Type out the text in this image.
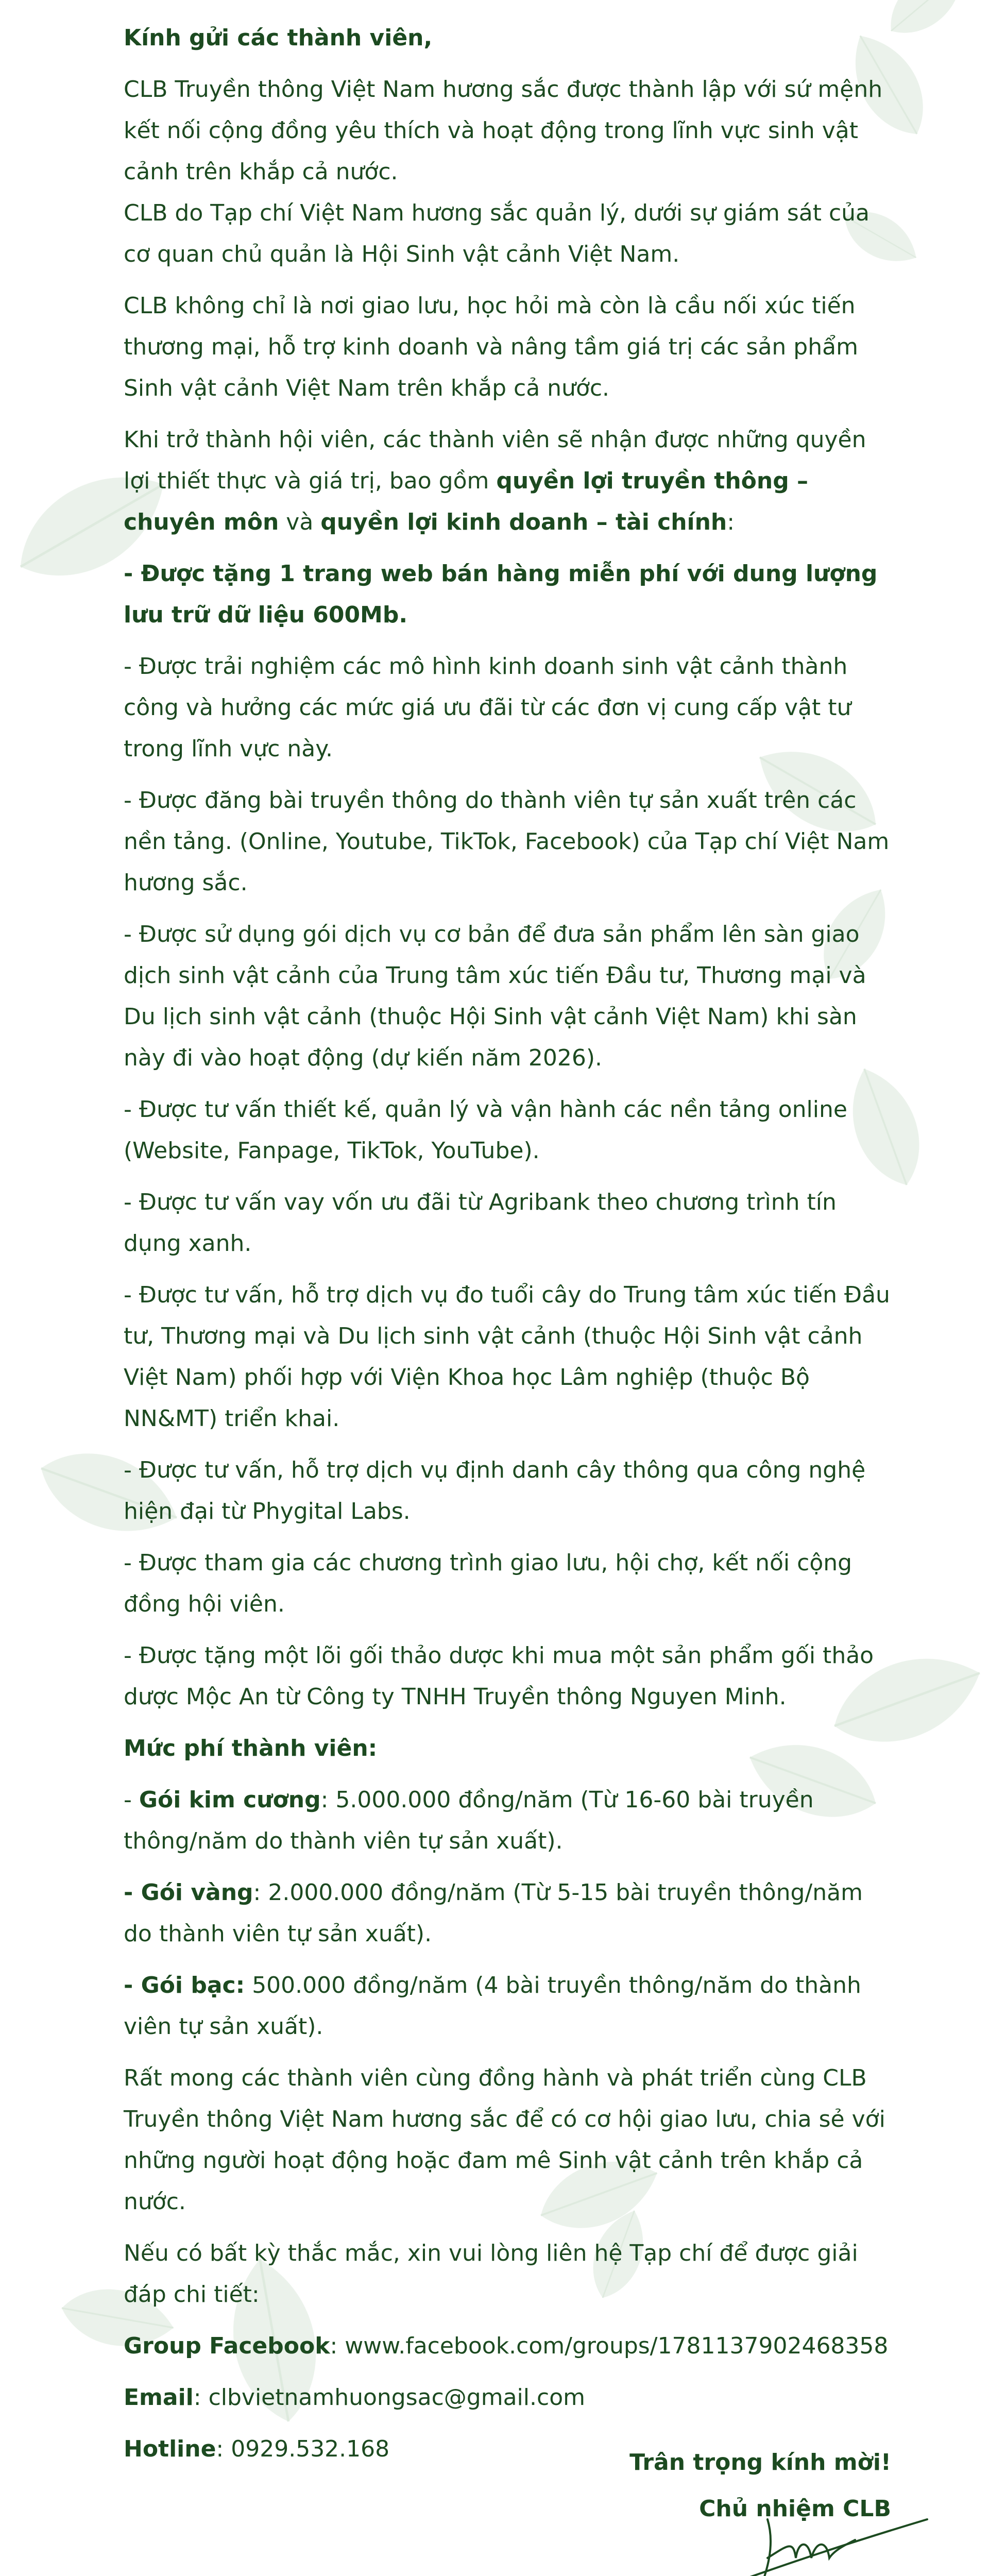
Kính gửi các thành viên,
CLB Truyền thông Việt Nam hương sắc được thành lập với sứ mệnh kết nối cộng đồng yêu thích và hoạt động trong lĩnh vực sinh vật cảnh trên khắp cả nước.
CLB do Tạp chí Việt Nam hương sắc quản lý, dưới sự giám sát của cơ quan chủ quản là Hội Sinh vật cảnh Việt Nam.
CLB không chỉ là nơi giao lưu, học hỏi mà còn là cầu nối xúc tiến thương mại, hỗ trợ kinh doanh và nâng tầm giá trị các sản phẩm Sinh vật cảnh Việt Nam trên khắp cả nước.
Khi trở thành hội viên, các thành viên sẽ nhận được những quyền lợi thiết thực và giá trị, bao gồm quyền lợi truyền thông – chuyên môn và quyền lợi kinh doanh – tài chính:
- Được tặng 1 trang web bán hàng miễn phí với dung lượng lưu trữ dữ liệu 600Mb.
- Được trải nghiệm các mô hình kinh doanh sinh vật cảnh thành công và hưởng các mức giá ưu đãi từ các đơn vị cung cấp vật tư trong lĩnh vực này.
- Được đăng bài truyền thông do thành viên tự sản xuất trên các nền tảng. (Online, Youtube, TikTok, Facebook) của Tạp chí Việt Nam hương sắc.
- Được sử dụng gói dịch vụ cơ bản để đưa sản phẩm lên sàn giao dịch sinh vật cảnh của Trung tâm xúc tiến Đầu tư, Thương mại và Du lịch sinh vật cảnh (thuộc Hội Sinh vật cảnh Việt Nam) khi sàn này đi vào hoạt động (dự kiến năm 2026).
- Được tư vấn thiết kế, quản lý và vận hành các nền tảng online (Website, Fanpage, TikTok, YouTube).
- Được tư vấn vay vốn ưu đãi từ Agribank theo chương trình tín dụng xanh.
- Được tư vấn, hỗ trợ dịch vụ đo tuổi cây do Trung tâm xúc tiến Đầu tư, Thương mại và Du lịch sinh vật cảnh (thuộc Hội Sinh vật cảnh Việt Nam) phối hợp với Viện Khoa học Lâm nghiệp (thuộc Bộ NN&MT) triển khai.
- Được tư vấn, hỗ trợ dịch vụ định danh cây thông qua công nghệ hiện đại từ Phygital Labs.
- Được tham gia các chương trình giao lưu, hội chợ, kết nối cộng đồng hội viên.
- Được tặng một lõi gối thảo dược khi mua một sản phẩm gối thảo dược Mộc An từ Công ty TNHH Truyền thông Nguyen Minh.
Mức phí thành viên:
- Gói kim cương: 5.000.000 đồng/năm (Từ 16-60 bài truyền thông/năm do thành viên tự sản xuất).
- Gói vàng: 2.000.000 đồng/năm (Từ 5-15 bài truyền thông/năm do thành viên tự sản xuất).
- Gói bạc: 500.000 đồng/năm (4 bài truyền thông/năm do thành viên tự sản xuất).
Rất mong các thành viên cùng đồng hành và phát triển cùng CLB Truyền thông Việt Nam hương sắc để có cơ hội giao lưu, chia sẻ với những người hoạt động hoặc đam mê Sinh vật cảnh trên khắp cả nước.
Nếu có bất kỳ thắc mắc, xin vui lòng liên hệ Tạp chí để được giải đáp chi tiết:
Group Facebook: www.facebook.com/groups/1781137902468358
Email: clbvietnamhuongsac@gmail.com
Hotline: 0929.532.168
Trân trọng kính mời!
Chủ nhiệm CLB
